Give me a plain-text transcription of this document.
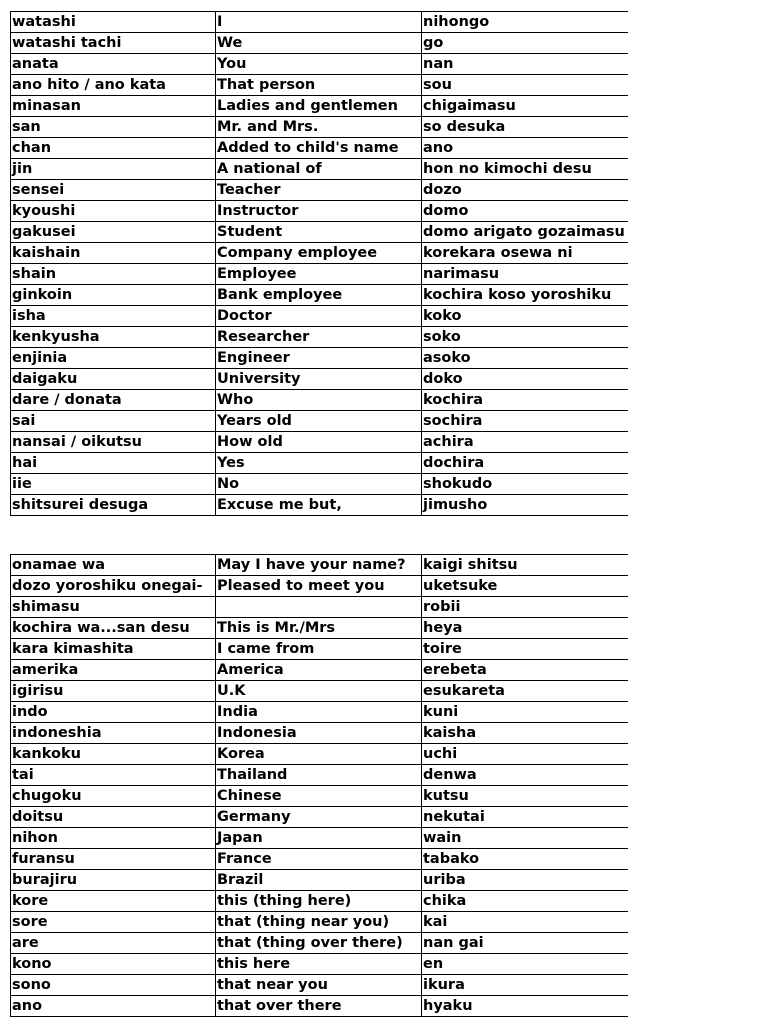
watashi	I	nihongo
watashi tachi	We	go
anata	You	nan
ano hito / ano kata	That person	sou
minasan	Ladies and gentlemen	chigaimasu
san	Mr. and Mrs.	so desuka
chan	Added to child's name	ano
jin	A national of	hon no kimochi desu
sensei	Teacher	dozo
kyoushi	Instructor	domo
gakusei	Student	domo arigato gozaimasu
kaishain	Company employee	korekara osewa ni
shain	Employee	narimasu
ginkoin	Bank employee	kochira koso yoroshiku
isha	Doctor	koko
kenkyusha	Researcher	soko
enjinia	Engineer	asoko
daigaku	University	doko
dare / donata	Who	kochira
sai	Years old	sochira
nansai / oikutsu	How old	achira
hai	Yes	dochira
iie	No	shokudo
shitsurei desuga	Excuse me but,	jimusho
onamae wa	May I have your name?	kaigi shitsu
dozo yoroshiku onegai-	Pleased to meet you	uketsuke
shimasu		robii
kochira wa...san desu	This is Mr./Mrs	heya
kara kimashita	I came from	toire
amerika	America	erebeta
igirisu	U.K	esukareta
indo	India	kuni
indoneshia	Indonesia	kaisha
kankoku	Korea	uchi
tai	Thailand	denwa
chugoku	Chinese	kutsu
doitsu	Germany	nekutai
nihon	Japan	wain
furansu	France	tabako
burajiru	Brazil	uriba
kore	this (thing here)	chika
sore	that (thing near you)	kai
are	that (thing over there)	nan gai
kono	this here	en
sono	that near you	ikura
ano	that over there	hyaku
